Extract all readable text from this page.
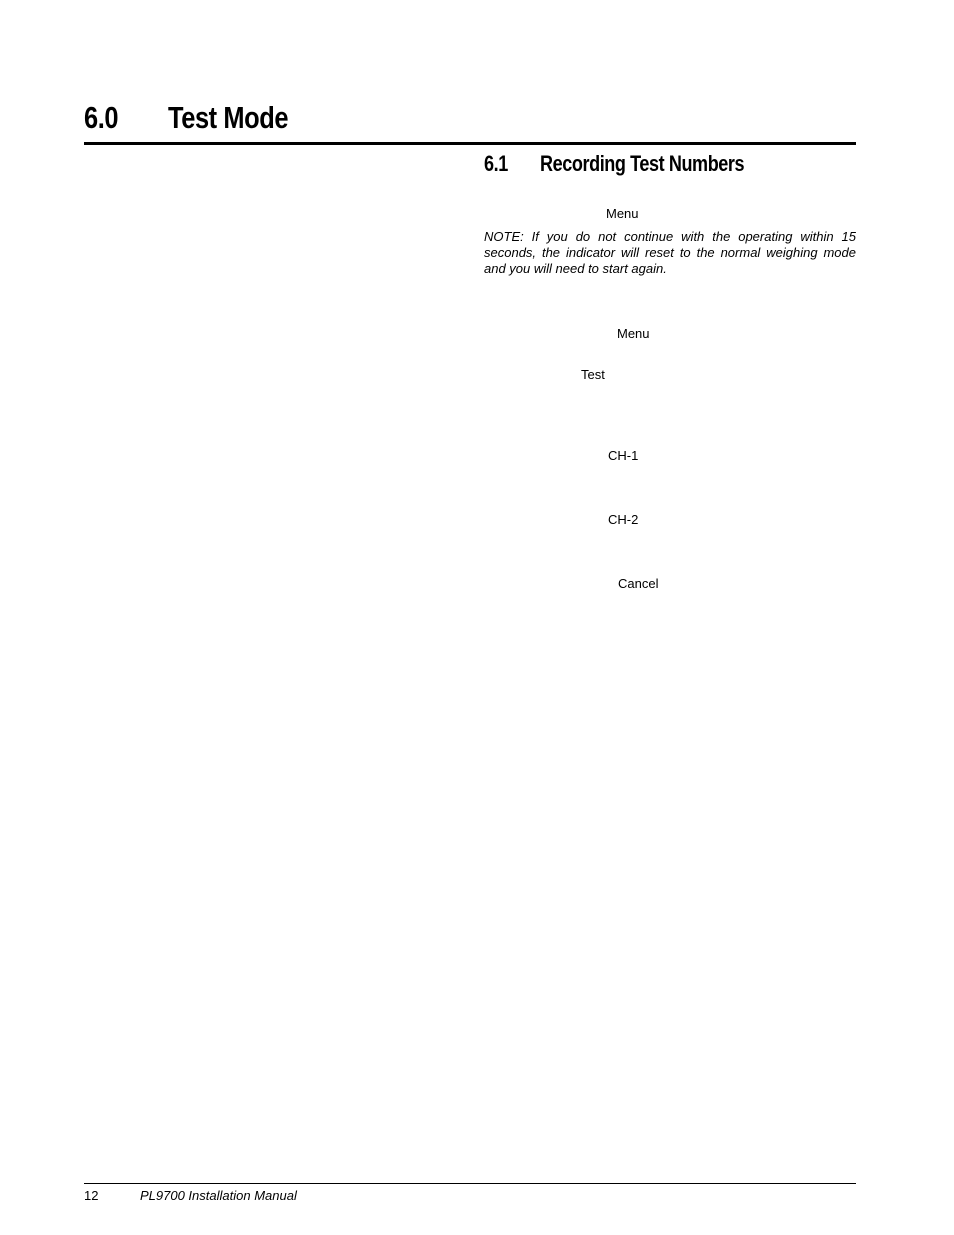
6.0 Test Mode
6.1 Recording Test Numbers
Menu
NOTE: If you do not continue with the operating within 15 seconds, the indicator will reset to the normal weighing mode and you will need to start again.
Menu
Test
CH-1
CH-2
Cancel
12	PL9700 Installation Manual
